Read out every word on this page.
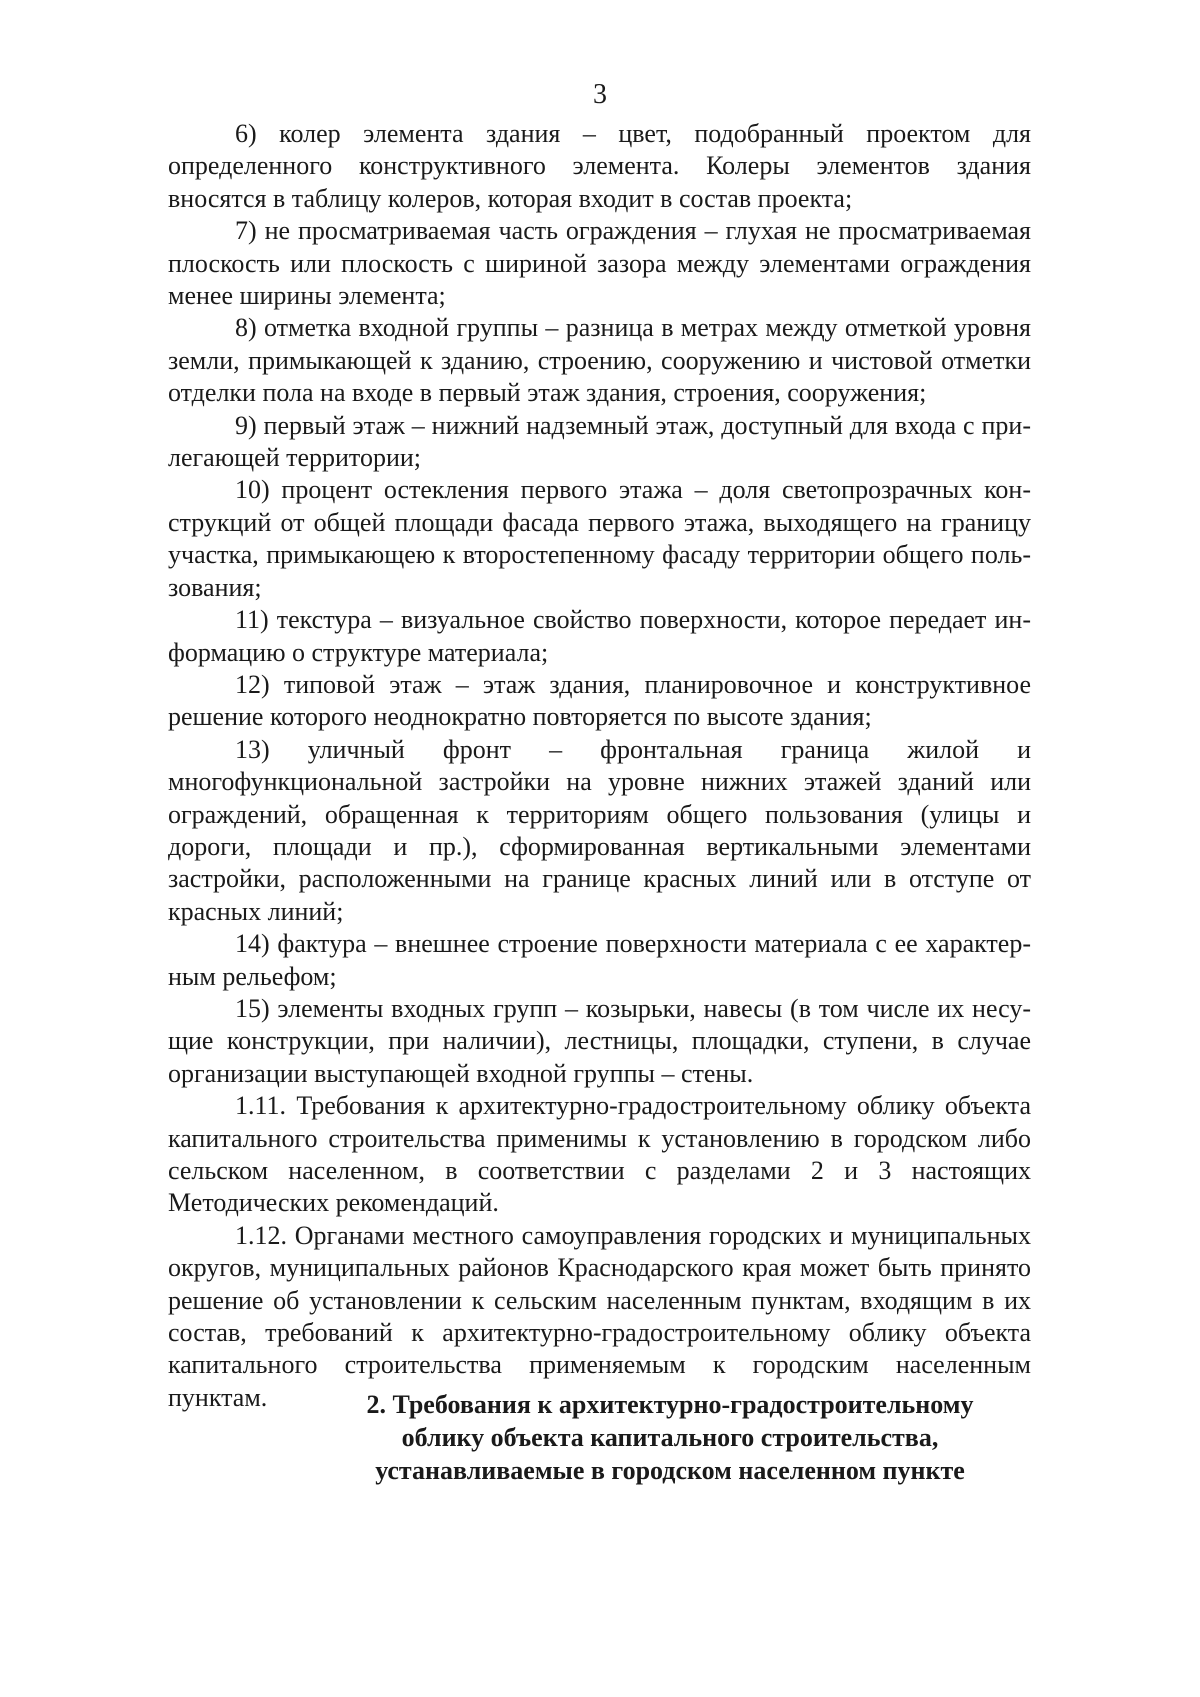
3

6) колер элемента здания – цвет, подобранный проектом для определенного конструктивного элемента. Колеры элементов здания вносятся в таблицу колеров, которая входит в состав проекта;

7) не просматриваемая часть ограждения – глухая не просматриваемая плоскость или плоскость с шириной зазора между элементами ограждения менее ширины элемента;

8) отметка входной группы – разница в метрах между отметкой уровня земли, примыкающей к зданию, строению, сооружению и чистовой отметки отделки пола на входе в первый этаж здания, строения, сооружения;

9) первый этаж – нижний надземный этаж, доступный для входа с прилегающей территории;

10) процент остекления первого этажа – доля светопрозрачных конструкций от общей площади фасада первого этажа, выходящего на границу участка, примыкающею к второстепенному фасаду территории общего пользования;

11) текстура – визуальное свойство поверхности, которое передает информацию о структуре материала;

12) типовой этаж – этаж здания, планировочное и конструктивное решение которого неоднократно повторяется по высоте здания;

13) уличный фронт – фронтальная граница жилой и многофункциональной застройки на уровне нижних этажей зданий или ограждений, обращенная к территориям общего пользования (улицы и дороги, площади и пр.), сформированная вертикальными элементами застройки, расположенными на границе красных линий или в отступе от красных линий;

14) фактура – внешнее строение поверхности материала с ее характерным рельефом;

15) элементы входных групп – козырьки, навесы (в том числе их несущие конструкции, при наличии), лестницы, площадки, ступени, в случае организации выступающей входной группы – стены.

1.11. Требования к архитектурно-градостроительному облику объекта капитального строительства применимы к установлению в городском либо сельском населенном, в соответствии с разделами 2 и 3 настоящих Методических рекомендаций.

1.12. Органами местного самоуправления городских и муниципальных округов, муниципальных районов Краснодарского края может быть принято решение об установлении к сельским населенным пунктам, входящим в их состав, требований к архитектурно-градостроительному облику объекта капитального строительства применяемым к городским населенным пунктам.	2. Требования к архитектурно-градостроительному
облику объекта капитального строительства,
устанавливаемые в городском населенном пункте
